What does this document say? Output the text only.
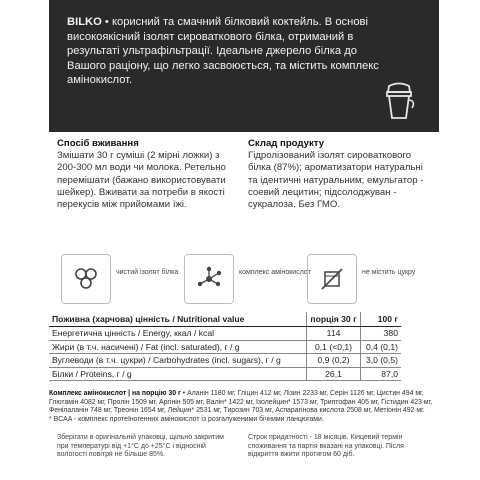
BILKO • корисний та смачний білковий коктейль. В основі високоякісний ізолят сироваткового білка, отриманий в результаті ультрафільтрації. Ідеальне джерело білка до Вашого раціону, що легко засвоюється, та містить комплекс амінокислот.
Спосіб вживання
Змішати 30 г суміші (2 мірні ложки) з 200-300 мл води чи молока. Ретельно перемішати (бажано використовувати шейкер). Вживати за потреби в якості перекусів між прийомами їжі.
Склад продукту
Гідролізований ізолят сироваткового білка (87%); ароматизатори натуральні та ідентичні натуральним; емульгатор - соевий лецитин; підсолоджуван - сукралоза. Без ГМО.
чистий ізолят білка	комплекс амінокислот	не містить цукру
Поживна (харчова) цінність / Nutritional value	порція 30 г	100 г
Енергетична цінність / Energy, ккал / kcal	114	380
Жири (в т.ч. насичені) / Fat (incl. saturated), г / g	0,1 (<0,1)	0,4 (0,1)
Вуглеводи (в т.ч. цукри) / Carbohydrates (incl. sugars), г / g	0,9 (0,2)	3,0 (0,5)
Білки / Proteins, г / g	26,1	87,0
Комплекс амінокислот | на порцію 30 г • Аланін 1180 мг, Гліцин 412 мг, Лізин 2233 мг, Серін 1126 мг, Цистин 494 мг, Глютамін 4082 мг, Пролін 1509 мг, Аргінін 505 мг, Валін* 1422 мг, Ізолейцин* 1573 мг, Триптофан 405 мг, Гістидин 423 мг, Фенілаланін 748 мг, Треонін 1654 мг, Лейцин* 2531 мг, Тирозин 703 мг, Аспарагінова кислота 2508 мг, Метіонін 492 мг.
* BCAA - комплекс протеїногенних амінокислот із розгалуженими бічними ланцюгами.
Зберігати в оригінальній упаковці, щільно закритим при температурі від +1°С до +25°С і відносній вологості повітря не більше 85%.
Строк придатності - 18 місяців. Кінцевий термін споживання та партія вказані на упаковці. Після відкриття вжити протягом 60 діб.
